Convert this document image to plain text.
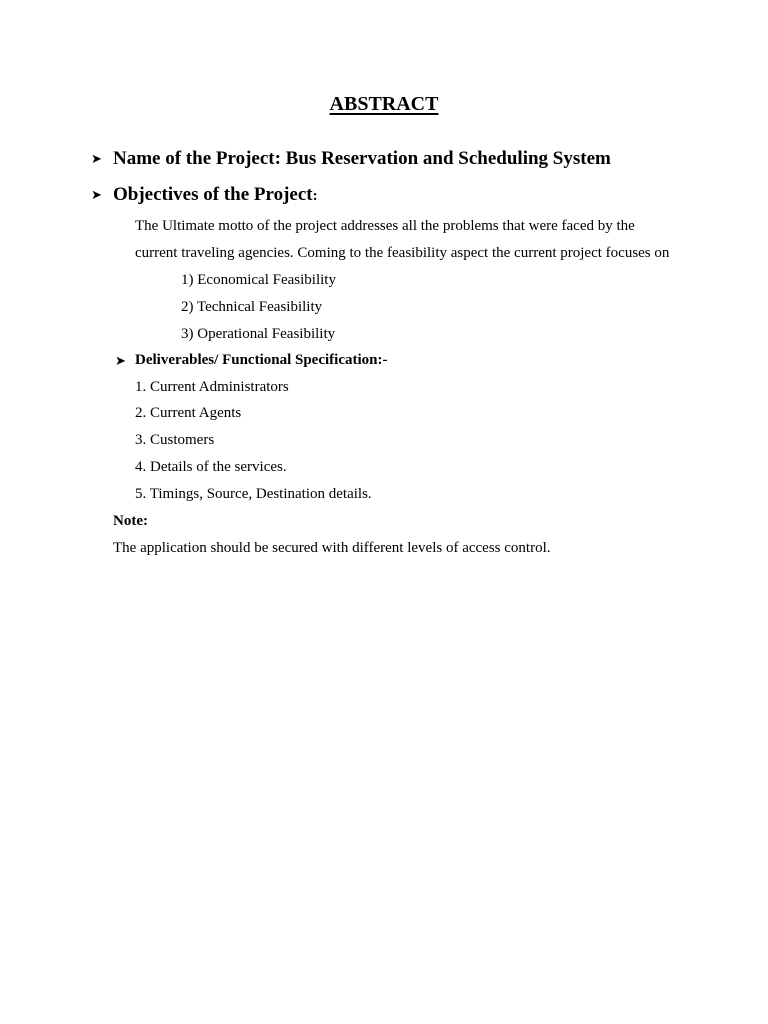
ABSTRACT
➤ Name of the Project: Bus Reservation and Scheduling System
➤ Objectives of the Project:
The Ultimate motto of the project addresses all the problems that were faced by the
current traveling agencies. Coming to the feasibility aspect the current project focuses on
1) Economical Feasibility
2) Technical Feasibility
3) Operational Feasibility
➤ Deliverables/ Functional Specification:-
1. Current Administrators
2. Current Agents
3. Customers
4. Details of the services.
5. Timings, Source, Destination details.
Note:
The application should be secured with different levels of access control.
